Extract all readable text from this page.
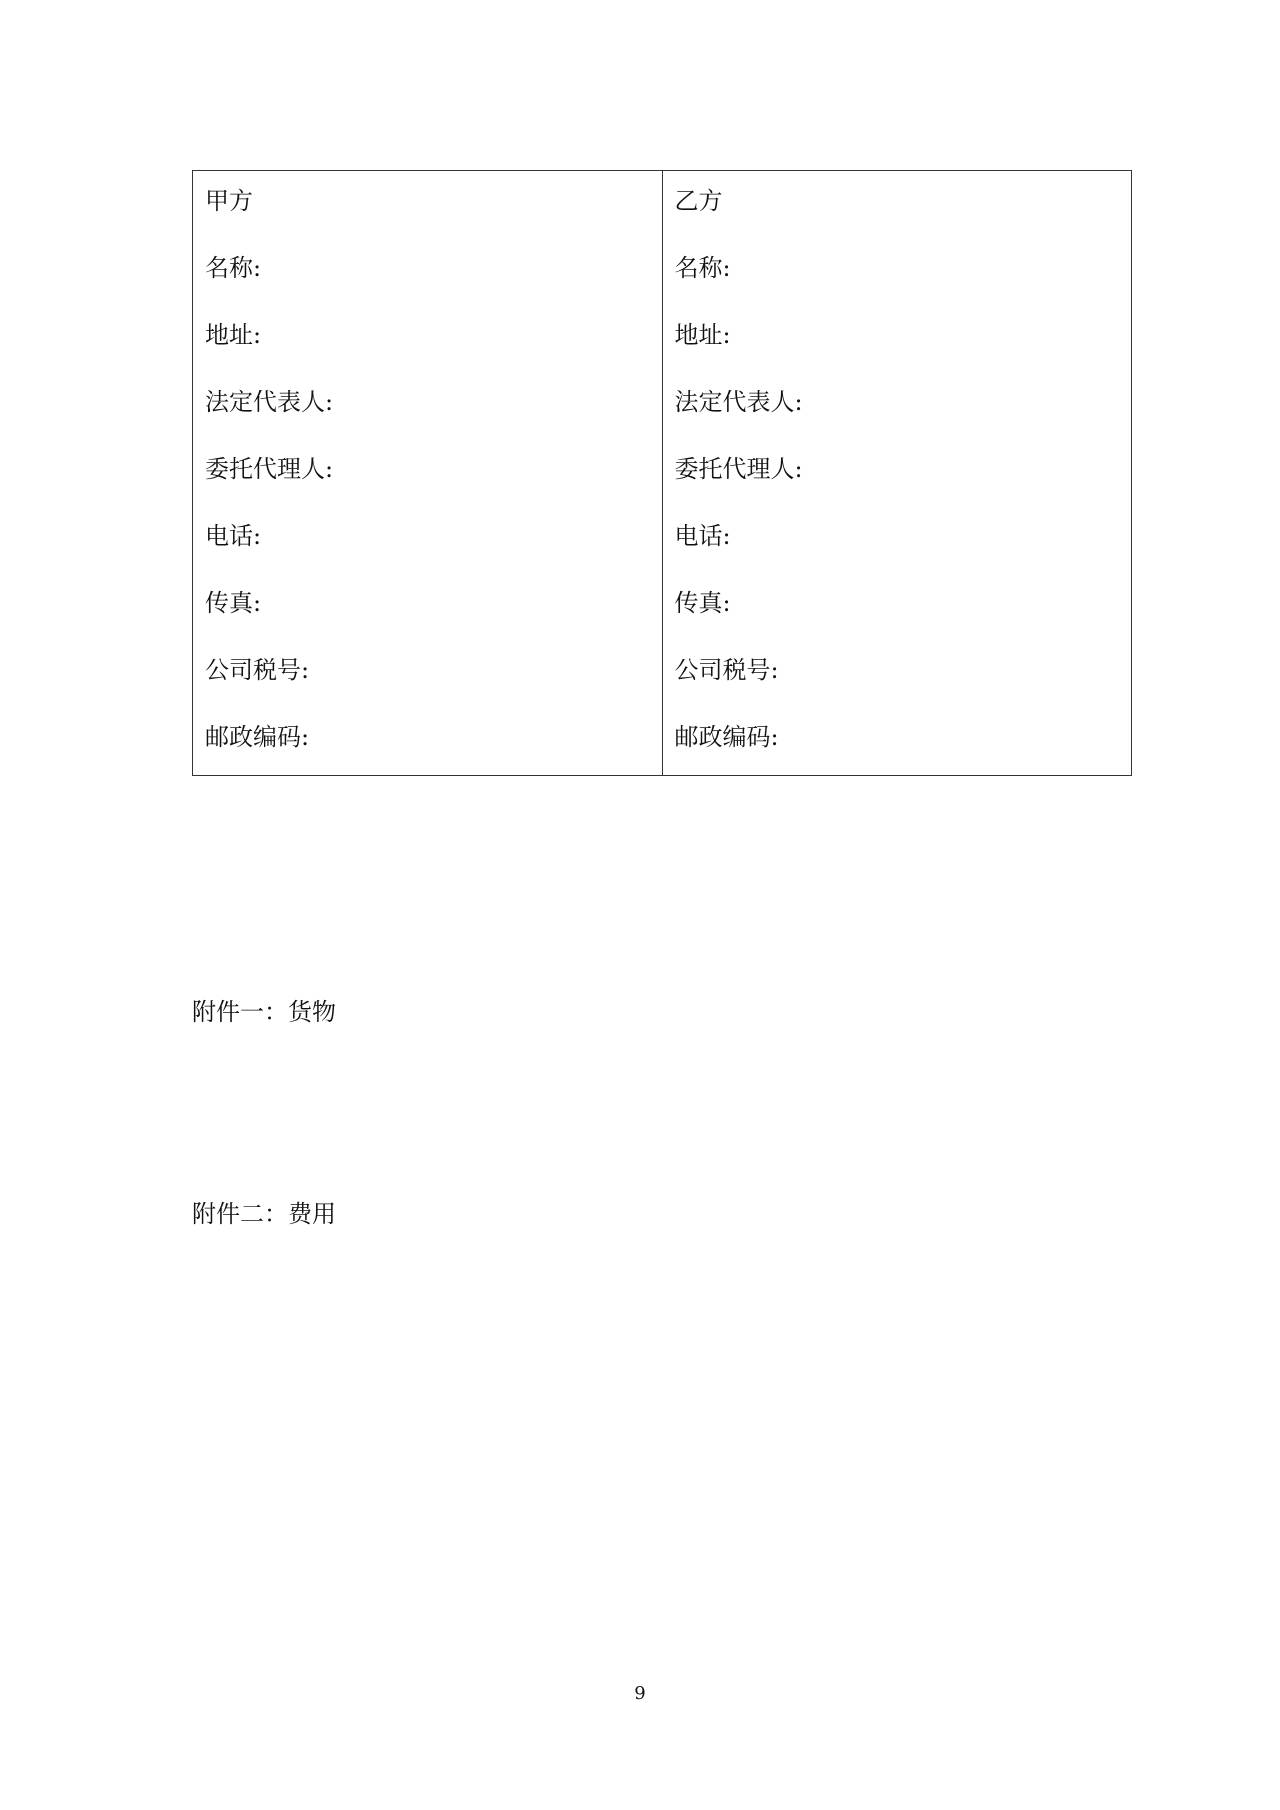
甲方
名称:
地址:
法定代表人:
委托代理人:
电话:
传真:
公司税号:
邮政编码:

乙方
名称:
地址:
法定代表人:
委托代理人:
电话:
传真:
公司税号:
邮政编码:
附件一：货物
附件二：费用
9
